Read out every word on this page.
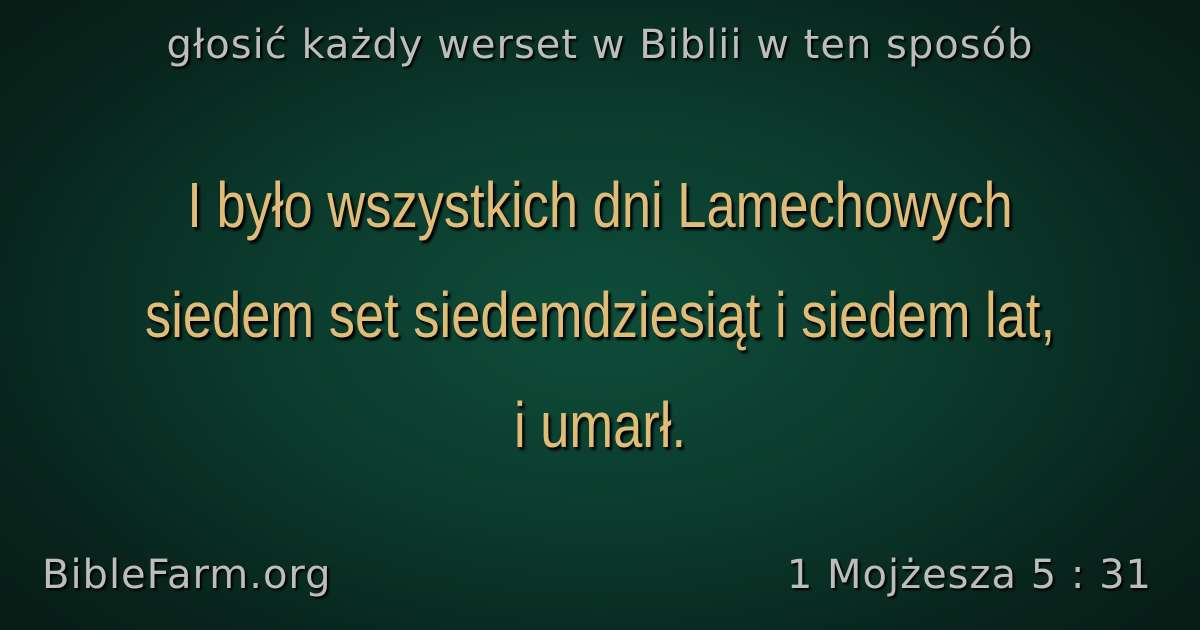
głosić każdy werset w Biblii w ten sposób
I było wszystkich dni Lamechowych siedem set siedemdziesiąt i siedem lat, i umarł.
BibleFarm.org	1 Mojżesza 5 : 31
